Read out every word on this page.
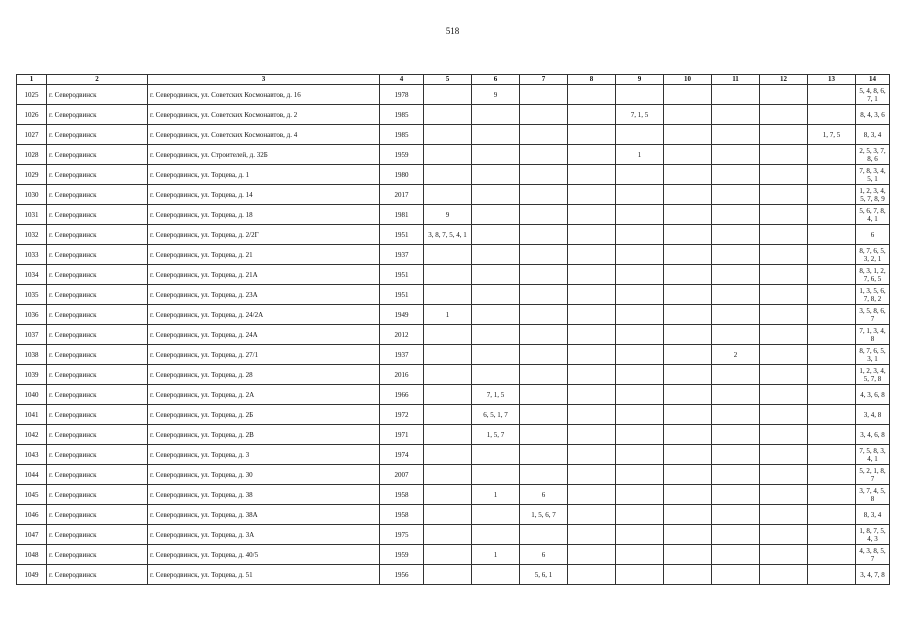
518
1	2	3	4	5	6	7	8	9	10	11	12	13	14
1025	г. Северодвинск	г. Северодвинск, ул. Советских Космонавтов, д. 16	1978		9								5, 4, 8, 6, 7, 1
1026	г. Северодвинск	г. Северодвинск, ул. Советских Космонавтов, д. 2	1985					7, 1, 5					8, 4, 3, 6
1027	г. Северодвинск	г. Северодвинск, ул. Советских Космонавтов, д. 4	1985									1, 7, 5	8, 3, 4
1028	г. Северодвинск	г. Северодвинск, ул. Строителей, д. 32Б	1959					1					2, 5, 3, 7, 8, 6
1029	г. Северодвинск	г. Северодвинск, ул. Торцева, д. 1	1980										7, 8, 3, 4, 5, 1
1030	г. Северодвинск	г. Северодвинск, ул. Торцева, д. 14	2017										1, 2, 3, 4, 5, 7, 8, 9
1031	г. Северодвинск	г. Северодвинск, ул. Торцева, д. 18	1981	9									5, 6, 7, 8, 4, 1
1032	г. Северодвинск	г. Северодвинск, ул. Торцева, д. 2/2Г	1951	3, 8, 7, 5, 4, 1									6
1033	г. Северодвинск	г. Северодвинск, ул. Торцева, д. 21	1937										8, 7, 6, 5, 3, 2, 1
1034	г. Северодвинск	г. Северодвинск, ул. Торцева, д. 21А	1951										8, 3, 1, 2, 7, 6, 5
1035	г. Северодвинск	г. Северодвинск, ул. Торцева, д. 23А	1951										1, 3, 5, 6, 7, 8, 2
1036	г. Северодвинск	г. Северодвинск, ул. Торцева, д. 24/2А	1949	1									3, 5, 8, 6, 7
1037	г. Северодвинск	г. Северодвинск, ул. Торцева, д. 24А	2012										7, 1, 3, 4, 8
1038	г. Северодвинск	г. Северодвинск, ул. Торцева, д. 27/1	1937							2			8, 7, 6, 5, 3, 1
1039	г. Северодвинск	г. Северодвинск, ул. Торцева, д. 28	2016										1, 2, 3, 4, 5, 7, 8
1040	г. Северодвинск	г. Северодвинск, ул. Торцева, д. 2А	1966		7, 1, 5								4, 3, 6, 8
1041	г. Северодвинск	г. Северодвинск, ул. Торцева, д. 2Б	1972		6, 5, 1, 7								3, 4, 8
1042	г. Северодвинск	г. Северодвинск, ул. Торцева, д. 2В	1971		1, 5, 7								3, 4, 6, 8
1043	г. Северодвинск	г. Северодвинск, ул. Торцева, д. 3	1974										7, 5, 8, 3, 4, 1
1044	г. Северодвинск	г. Северодвинск, ул. Торцева, д. 30	2007										5, 2, 1, 8, 7
1045	г. Северодвинск	г. Северодвинск, ул. Торцева, д. 38	1958		1	6							3, 7, 4, 5, 8
1046	г. Северодвинск	г. Северодвинск, ул. Торцева, д. 38А	1958			1, 5, 6, 7							8, 3, 4
1047	г. Северодвинск	г. Северодвинск, ул. Торцева, д. 3А	1975										1, 8, 7, 5, 4, 3
1048	г. Северодвинск	г. Северодвинск, ул. Торцева, д. 40/5	1959		1	6							4, 3, 8, 5, 7
1049	г. Северодвинск	г. Северодвинск, ул. Торцева, д. 51	1956			5, 6, 1							3, 4, 7, 8
